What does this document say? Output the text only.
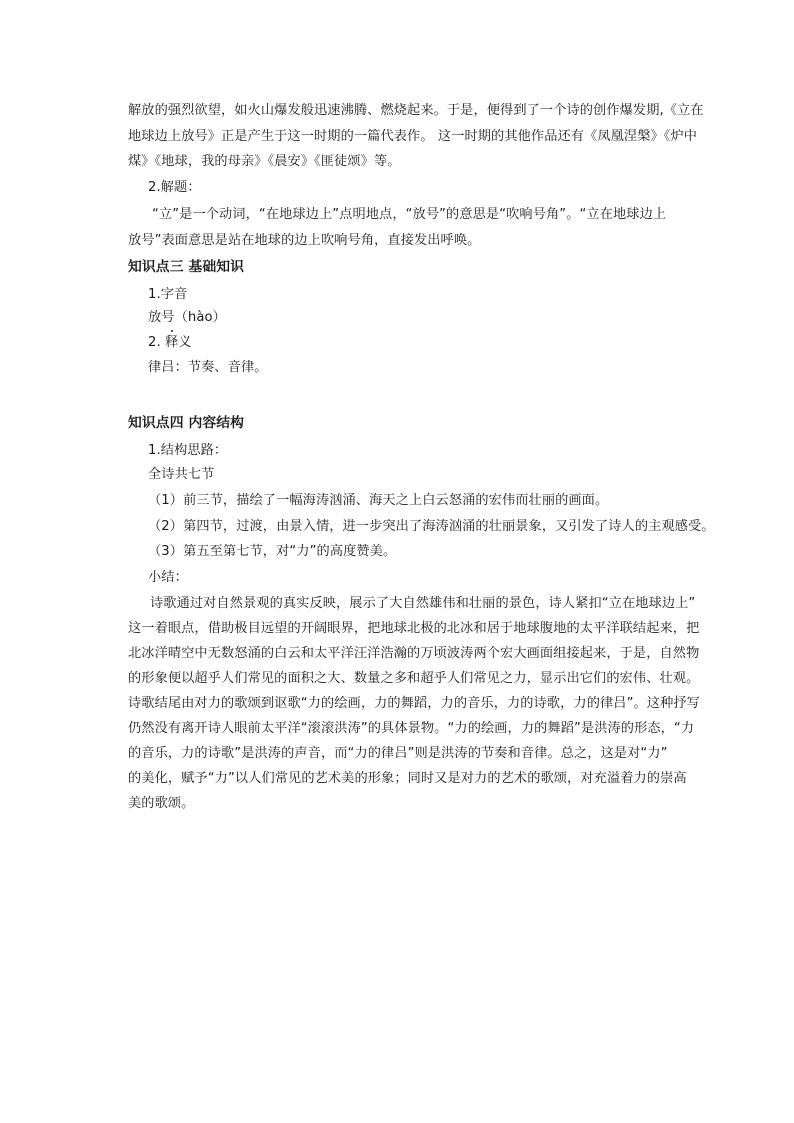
解放的强烈欲望，如火山爆发般迅速沸腾、燃烧起来。于是，便得到了一个诗的创作爆发期,《立在
地球边上放号》正是产生于这一时期的一篇代表作。 这一时期的其他作品还有《凤凰涅槃》《炉中
煤》《地球，我的母亲》《晨安》《匪徒颂》等。
2.解题：
“立”是一个动词，“在地球边上”点明地点，“放号”的意思是“吹响号角”。“立在地球边上
放号”表面意思是站在地球的边上吹响号角，直接发出呼唤。
知识点三 基础知识
1.字音
放号（hào）
2. 释义
律吕：节奏、音律。
知识点四 内容结构
1.结构思路：
全诗共七节
（1）前三节，描绘了一幅海涛汹涌、海天之上白云怒涌的宏伟而壮丽的画面。
（2）第四节，过渡，由景入情，进一步突出了海涛汹涌的壮丽景象，又引发了诗人的主观感受。
（3）第五至第七节，对“力”的高度赞美。
小结：
诗歌通过对自然景观的真实反映，展示了大自然雄伟和壮丽的景色，诗人紧扣“立在地球边上”
这一着眼点，借助极目远望的开阔眼界，把地球北极的北冰和居于地球腹地的太平洋联结起来，把
北冰洋晴空中无数怒涌的白云和太平洋汪洋浩瀚的万顷波涛两个宏大画面组接起来，于是，自然物
的形象便以超乎人们常见的面积之大、数量之多和超乎人们常见之力，显示出它们的宏伟、壮观。
诗歌结尾由对力的歌颂到讴歌“力的绘画，力的舞蹈，力的音乐，力的诗歌，力的律吕”。这种抒写
仍然没有离开诗人眼前太平洋“滚滚洪涛”的具体景物。“力的绘画，力的舞蹈”是洪涛的形态，“力
的音乐，力的诗歌”是洪涛的声音，而“力的律吕”则是洪涛的节奏和音律。总之，这是对“力”
的美化，赋予“力”以人们常见的艺术美的形象；同时又是对力的艺术的歌颂，对充溢着力的崇高
美的歌颂。
